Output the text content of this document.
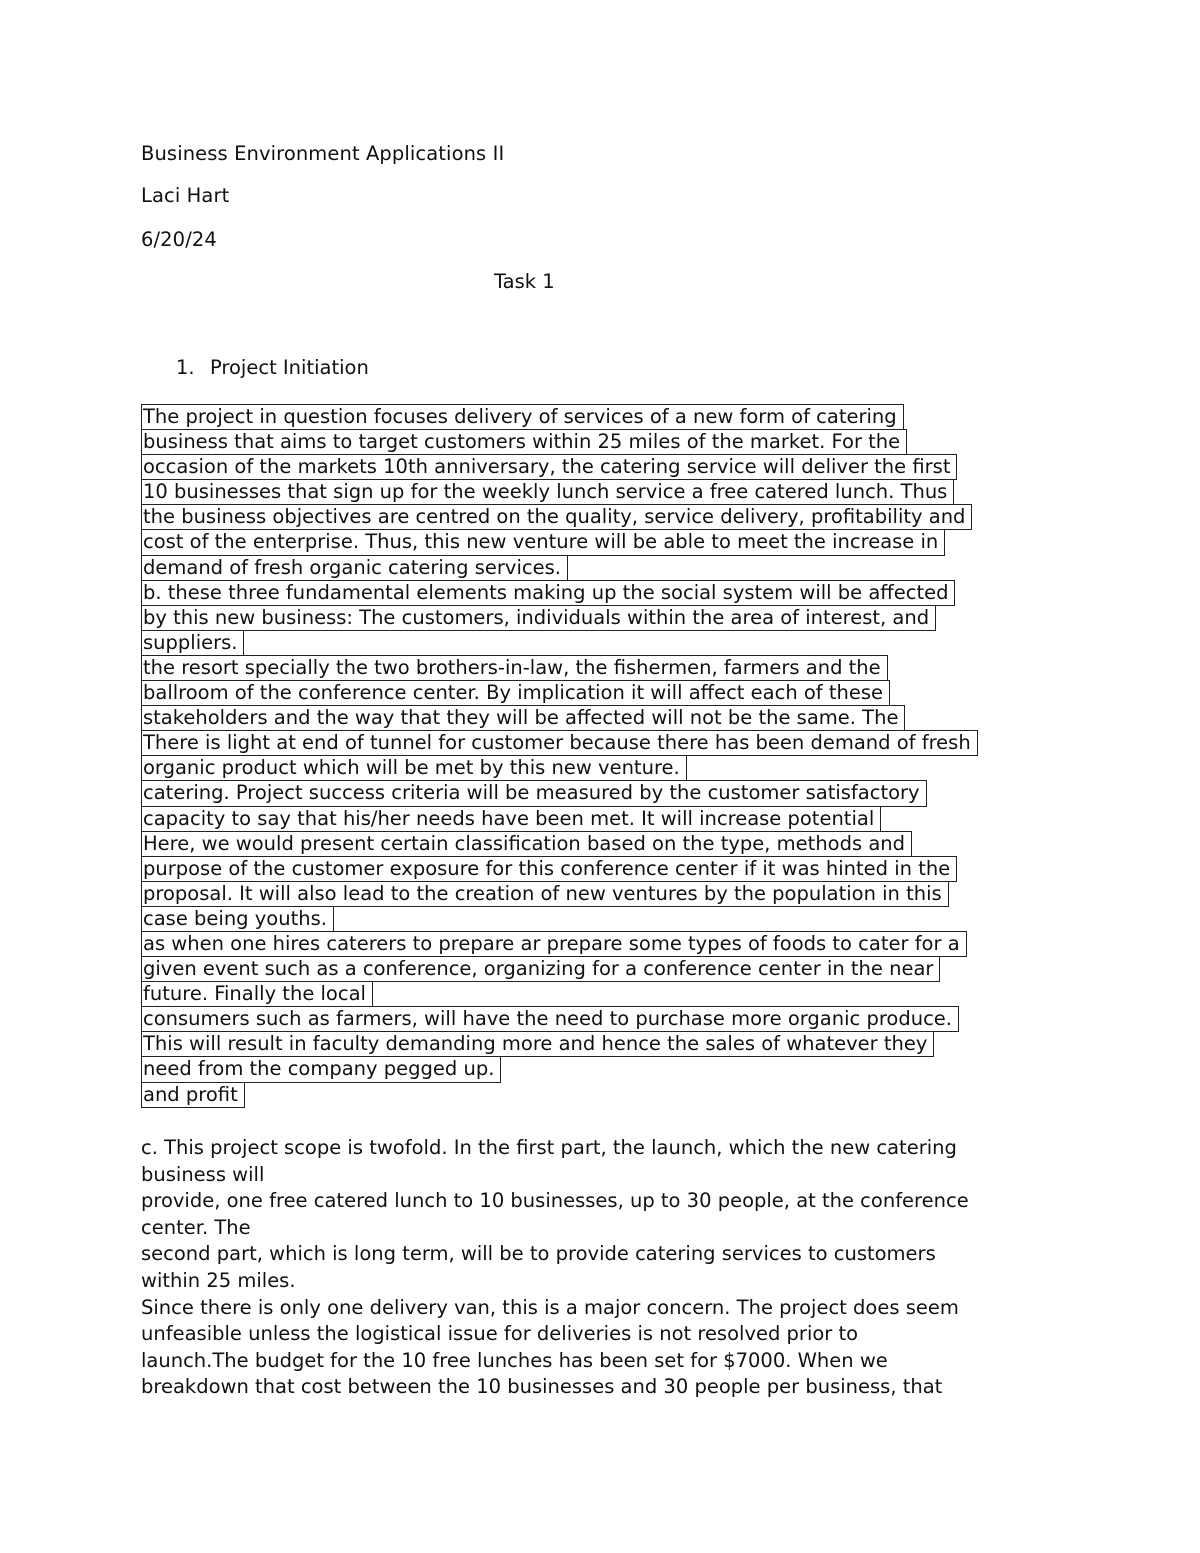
Business Environment Applications II
Laci Hart
6/20/24
Task 1
1. Project Initiation
The project in question focuses delivery of services of a new form of catering
business that aims to target customers within 25 miles of the market. For the
occasion of the markets 10th anniversary, the catering service will deliver the first
10 businesses that sign up for the weekly lunch service a free catered lunch. Thus
the business objectives are centred on the quality, service delivery, profitability and
cost of the enterprise. Thus, this new venture will be able to meet the increase in
demand of fresh organic catering services.
b. these three fundamental elements making up the social system will be affected
by this new business: The customers, individuals within the area of interest, and
suppliers.
the resort specially the two brothers-in-law, the fishermen, farmers and the
ballroom of the conference center. By implication it will affect each of these
stakeholders and the way that they will be affected will not be the same. The
There is light at end of tunnel for customer because there has been demand of fresh
organic product which will be met by this new venture.
catering. Project success criteria will be measured by the customer satisfactory
capacity to say that his/her needs have been met. It will increase potential
Here, we would present certain classification based on the type, methods and
purpose of the customer exposure for this conference center if it was hinted in the
proposal. It will also lead to the creation of new ventures by the population in this
case being youths.
as when one hires caterers to prepare ar prepare some types of foods to cater for a
given event such as a conference, organizing for a conference center in the near
future. Finally the local
consumers such as farmers, will have the need to purchase more organic produce.
This will result in faculty demanding more and hence the sales of whatever they
need from the company pegged up.
and profit
c. This project scope is twofold. In the first part, the launch, which the new catering
business will
provide, one free catered lunch to 10 businesses, up to 30 people, at the conference
center. The
second part, which is long term, will be to provide catering services to customers
within 25 miles.
Since there is only one delivery van, this is a major concern. The project does seem
unfeasible unless the logistical issue for deliveries is not resolved prior to
launch.The budget for the 10 free lunches has been set for $7000. When we
breakdown that cost between the 10 businesses and 30 people per business, that
